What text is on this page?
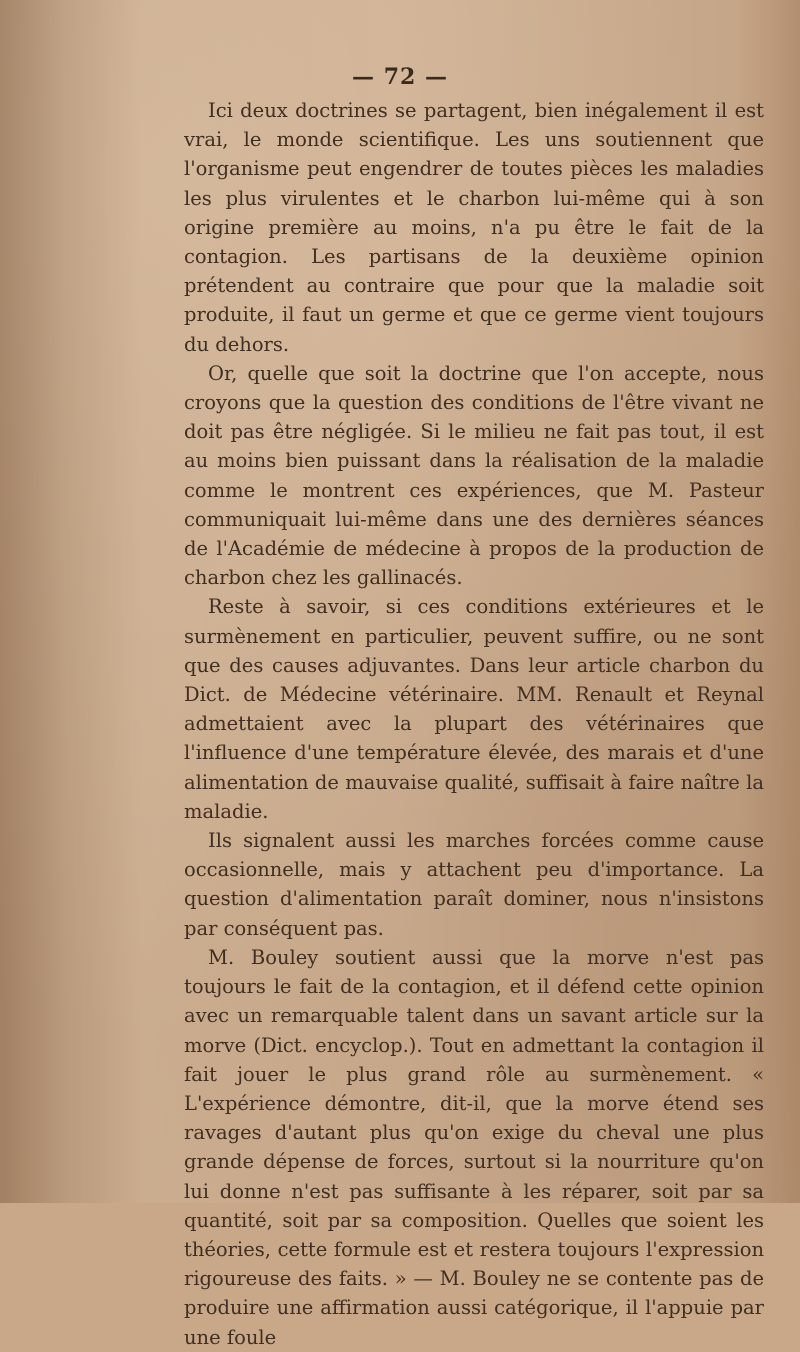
— 72 —

Ici deux doctrines se partagent, bien inégalement il est vrai, le monde scientifique. Les uns soutiennent que l'organisme peut engendrer de toutes pièces les maladies les plus virulentes et le charbon lui-même qui à son origine première au moins, n'a pu être le fait de la contagion. Les partisans de la deuxième opinion prétendent au contraire que pour que la maladie soit produite, il faut un germe et que ce germe vient toujours du dehors.

Or, quelle que soit la doctrine que l'on accepte, nous croyons que la question des conditions de l'être vivant ne doit pas être négligée. Si le milieu ne fait pas tout, il est au moins bien puissant dans la réalisation de la maladie comme le montrent ces expériences, que M. Pasteur communiquait lui-même dans une des dernières séances de l'Académie de médecine à propos de la production de charbon chez les gallinacés.

Reste à savoir, si ces conditions extérieures et le surmènement en particulier, peuvent suffire, ou ne sont que des causes adjuvantes. Dans leur article charbon du Dict. de Médecine vétérinaire. MM. Renault et Reynal admettaient avec la plupart des vétérinaires que l'influence d'une température élevée, des marais et d'une alimentation de mauvaise qualité, suffisait à faire naître la maladie.

Ils signalent aussi les marches forcées comme cause occasionnelle, mais y attachent peu d'importance. La question d'alimentation paraît dominer, nous n'insistons par conséquent pas.

M. Bouley soutient aussi que la morve n'est pas toujours le fait de la contagion, et il défend cette opinion avec un remarquable talent dans un savant article sur la morve (Dict. encyclop.). Tout en admettant la contagion il fait jouer le plus grand rôle au surmènement. « L'expérience démontre, dit-il, que la morve étend ses ravages d'autant plus qu'on exige du cheval une plus grande dépense de forces, surtout si la nourriture qu'on lui donne n'est pas suffisante à les réparer, soit par sa quantité, soit par sa composition. Quelles que soient les théories, cette formule est et restera toujours l'expression rigoureuse des faits. » — M. Bouley ne se contente pas de produire une affirmation aussi catégorique, il l'appuie par une foule
